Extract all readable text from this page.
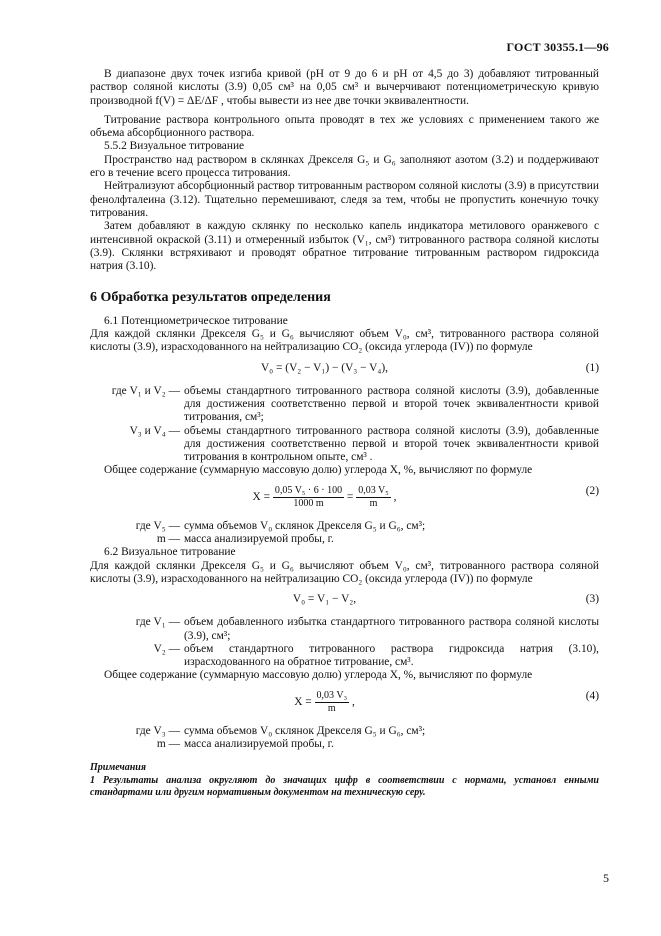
ГОСТ 30355.1—96

В диапазоне двух точек изгиба кривой (рН от 9 до 6 и рН от 4,5 до 3) добавляют титрованный раствор соляной кислоты (3.9) 0,05 см³ на 0,05 см³ и вычерчивают потенциометрическую кривую производной f(V) = ΔE/ΔF , чтобы вывести из нее две точки эквивалентности.

Титрование раствора контрольного опыта проводят в тех же условиях с применением такого же объема абсорбционного раствора.

5.5.2 Визуальное титрование

Пространство над раствором в склянках Дрекселя G₅ и G₆ заполняют азотом (3.2) и поддерживают его в течение всего процесса титрования.

Нейтрализуют абсорбционный раствор титрованным раствором соляной кислоты (3.9) в присутствии фенолфталеина (3.12). Тщательно перемешивают, следя за тем, чтобы не пропустить конечную точку титрования.

Затем добавляют в каждую склянку по несколько капель индикатора метилового оранжевого с интенсивной окраской (3.11) и отмеренный избыток (V₁, см³) титрованного раствора соляной кислоты (3.9). Склянки встряхивают и проводят обратное титрование титрованным раствором гидроксида натрия (3.10).

6 Обработка результатов определения

6.1 Потенциометрическое титрование

Для каждой склянки Дрекселя G₅ и G₆ вычисляют объем V₀, см³, титрованного раствора соляной кислоты (3.9), израсходованного на нейтрализацию CO₂ (оксида углерода (IV)) по формуле

V₀ = (V₂ − V₁) − (V₃ − V₄),	(1)
где V₁ и V₂ — объемы стандартного титрованного раствора соляной кислоты (3.9), добавленные для достижения соответственно первой и второй точек эквивалентности кривой титрования, см³;
V₃ и V₄ — объемы стандартного титрованного раствора соляной кислоты (3.9), добавленные для достижения соответственно первой и второй точек эквивалентности кривой титрования в контрольном опыте, см³ .

Общее содержание (суммарную массовую долю) углерода X, %, вычисляют по формуле

$X = \frac{\text{0,05 V₅ · 6 · 100}}{1000 m} = \frac{\text{0,03 V₅}}{m}$ ,
(2)
где V₅ — сумма объемов V₀ склянок Дрекселя G₅ и G₆, см³;
m — масса анализируемой пробы, г.

6.2 Визуальное титрование

Для каждой склянки Дрекселя G₅ и G₆ вычисляют объем V₀, см³, титрованного раствора соляной кислоты (3.9), израсходованного на нейтрализацию CO₂ (оксида углерода (IV)) по формуле

V₀ = V₁ − V₂,	(3)
где V₁ — объем добавленного избытка стандартного титрованного раствора соляной кислоты (3.9), см³;
V₂ — объем стандартного титрованного раствора гидроксида натрия (3.10), израсходованного на обратное титрование, см³.

Общее содержание (суммарную массовую долю) углерода X, %, вычисляют по формуле

$X = \frac{\text{0,03 V₃}}{m}$ ,
(4)
где V₃ — сумма объемов V₀ склянок Дрекселя G₅ и G₆, см³;
m — масса анализируемой пробы, г.
Примечания
1 Результаты анализа округляют до значащих цифр в соответствии с нормами, установл енными стандартами или другим нормативным документом на техническую серу.
5
